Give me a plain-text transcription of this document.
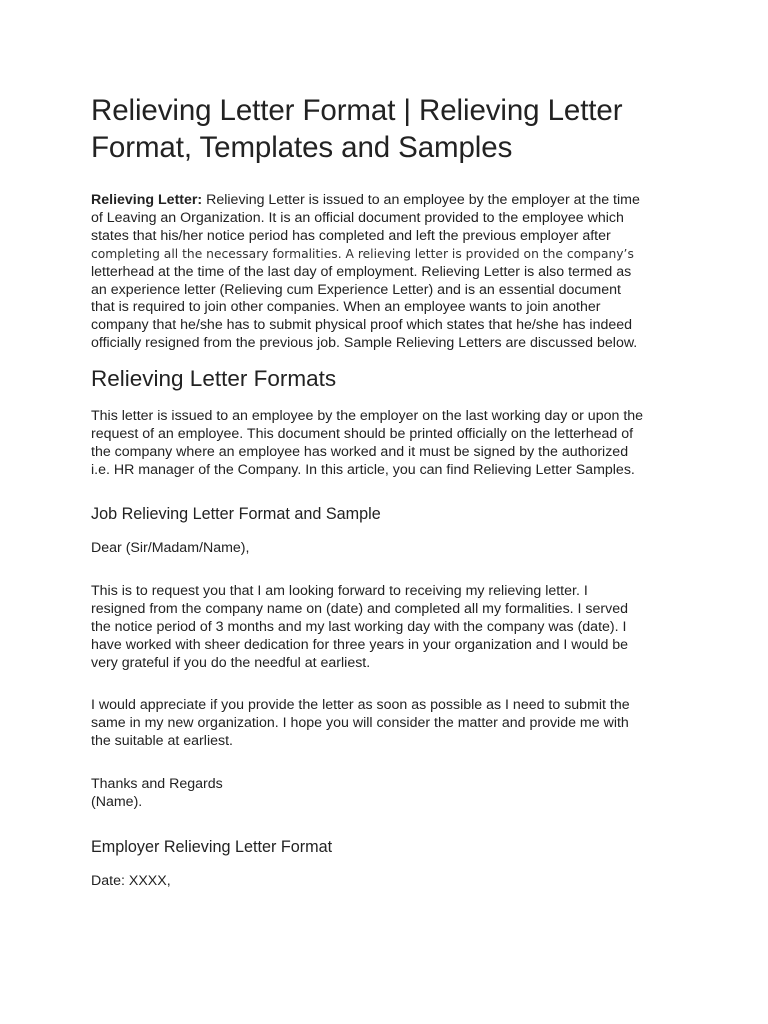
Relieving Letter Format | Relieving Letter
Format, Templates and Samples

Relieving Letter: Relieving Letter is issued to an employee by the employer at the time
of Leaving an Organization. It is an official document provided to the employee which
states that his/her notice period has completed and left the previous employer after
completing all the necessary formalities. A relieving letter is provided on the company’s
letterhead at the time of the last day of employment. Relieving Letter is also termed as
an experience letter (Relieving cum Experience Letter) and is an essential document
that is required to join other companies. When an employee wants to join another
company that he/she has to submit physical proof which states that he/she has indeed
officially resigned from the previous job. Sample Relieving Letters are discussed below.

Relieving Letter Formats

This letter is issued to an employee by the employer on the last working day or upon the
request of an employee. This document should be printed officially on the letterhead of
the company where an employee has worked and it must be signed by the authorized
i.e. HR manager of the Company. In this article, you can find Relieving Letter Samples.

Job Relieving Letter Format and Sample

Dear (Sir/Madam/Name),

This is to request you that I am looking forward to receiving my relieving letter. I
resigned from the company name on (date) and completed all my formalities. I served
the notice period of 3 months and my last working day with the company was (date). I
have worked with sheer dedication for three years in your organization and I would be
very grateful if you do the needful at earliest.

I would appreciate if you provide the letter as soon as possible as I need to submit the
same in my new organization. I hope you will consider the matter and provide me with
the suitable at earliest.

Thanks and Regards
(Name).

Employer Relieving Letter Format

Date: XXXX,
